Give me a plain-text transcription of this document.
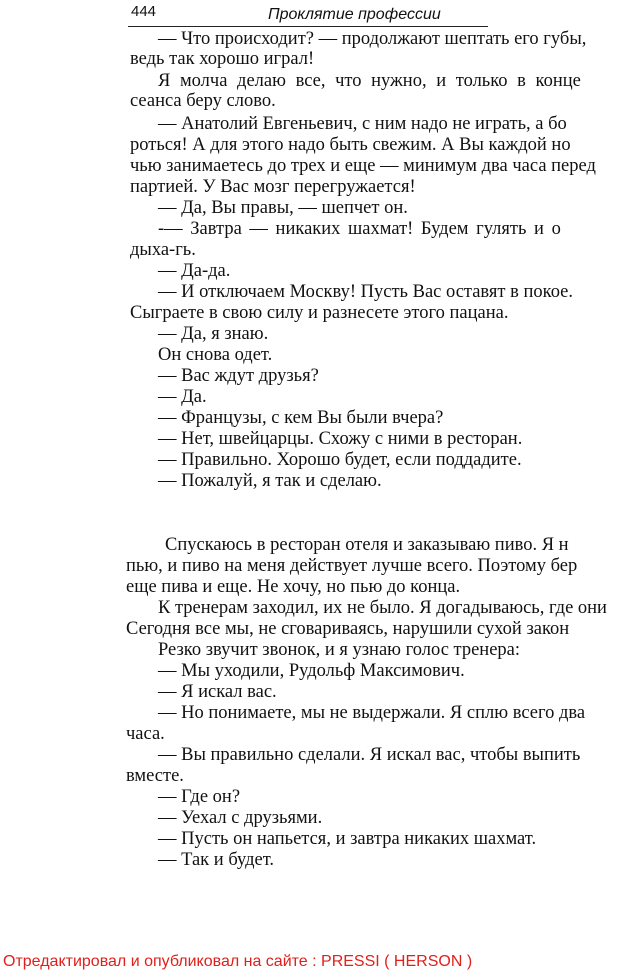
444	Проклятие профессии
— Что происходит? — продолжают шептать его губы,
ведь так хорошо играл!
Я молча делаю все, что нужно, и только в конце
сеанса беру слово.
— Анатолий Евгеньевич, с ним надо не играть, а бо
роться! А для этого надо быть свежим. А Вы каждой но
чью занимаетесь до трех и еще — минимум два часа перед
партией. У Вас мозг перегружается!
— Да, Вы правы, — шепчет он.
-— Завтра — никаких шахмат! Будем гулять и о
дыха-гь.
— Да-да.
— И отключаем Москву! Пусть Вас оставят в покое.
Сыграете в свою силу и разнесете этого пацана.
— Да, я знаю.
Он снова одет.
— Вас ждут друзья?
— Да.
— Французы, с кем Вы были вчера?
— Нет, швейцарцы. Схожу с ними в ресторан.
— Правильно. Хорошо будет, если поддадите.
— Пожалуй, я так и сделаю.
Спускаюсь в ресторан отеля и заказываю пиво. Я н
пью, и пиво на меня действует лучше всего. Поэтому бер
еще пива и еще. Не хочу, но пью до конца.
К тренерам заходил, их не было. Я догадываюсь, где они
Сегодня все мы, не сговариваясь, нарушили сухой закон
Резко звучит звонок, и я узнаю голос тренера:
— Мы уходили, Рудольф Максимович.
— Я искал вас.
— Но понимаете, мы не выдержали. Я сплю всего два
часа.
— Вы правильно сделали. Я искал вас, чтобы выпить
вместе.
— Где он?
— Уехал с друзьями.
— Пусть он напьется, и завтра никаких шахмат.
— Так и будет.
Отредактировал и опубликовал на сайте : PRESSI ( HERSON )
